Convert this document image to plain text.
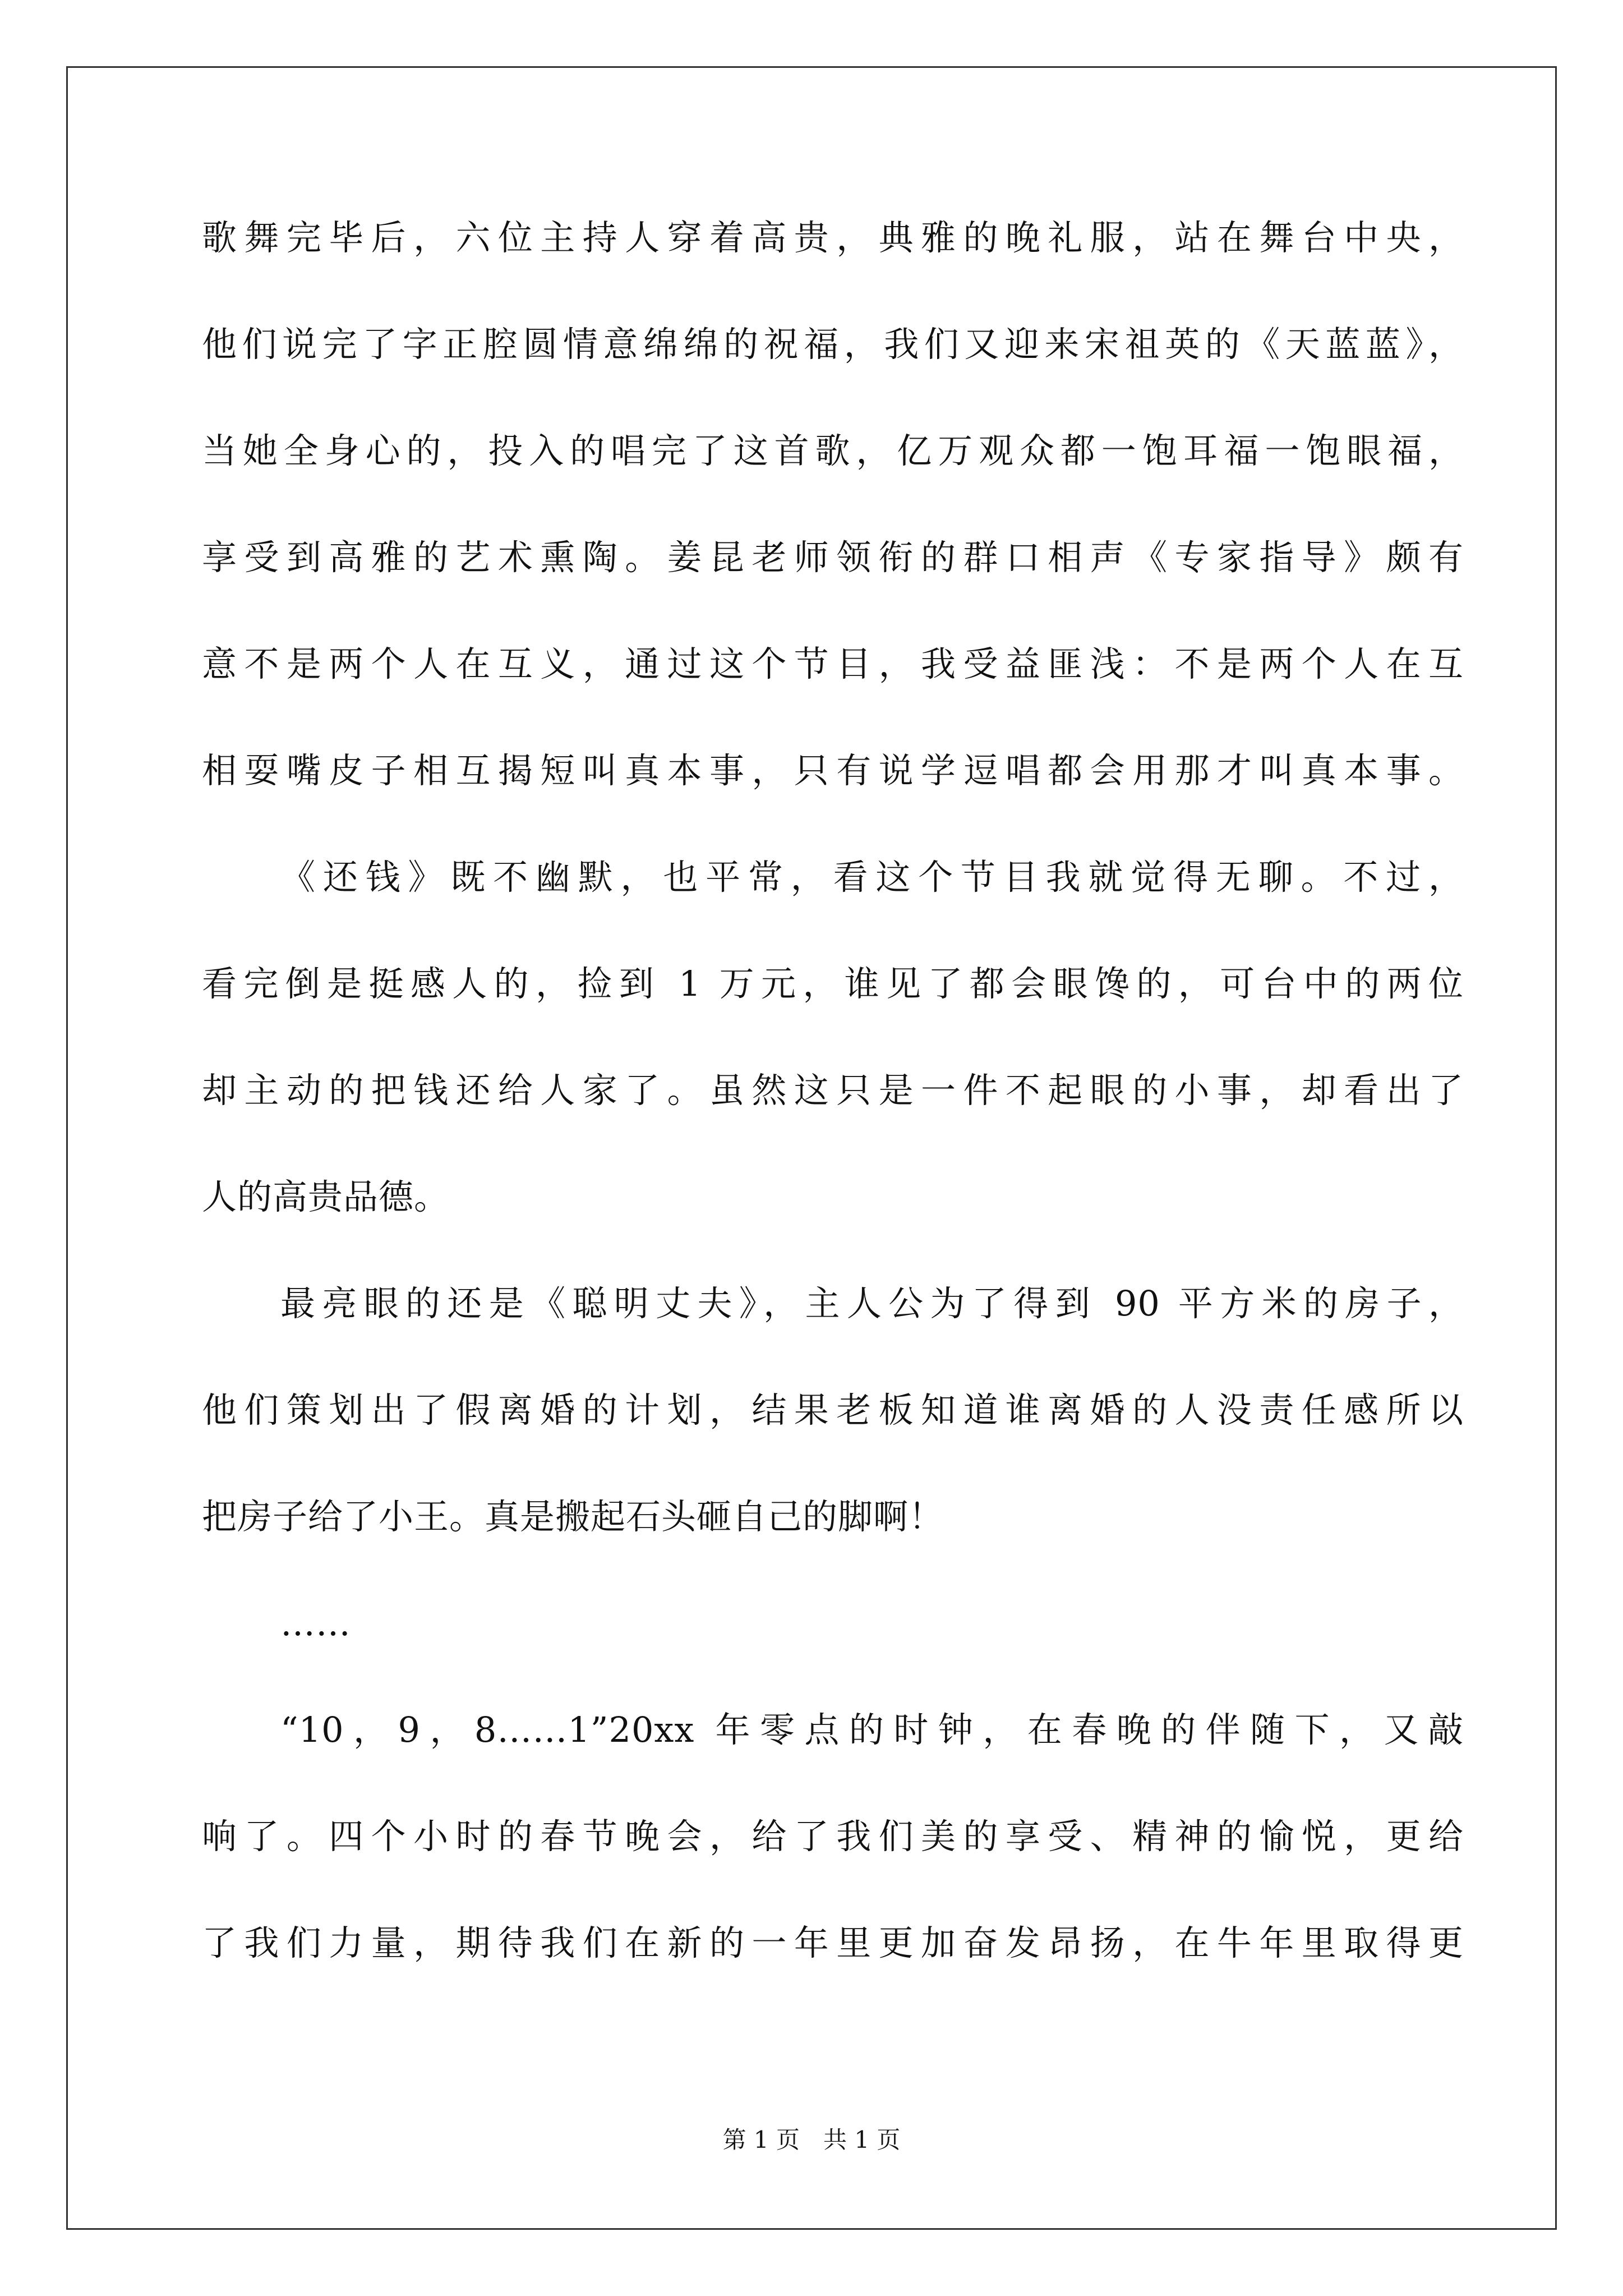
歌舞完毕后，六位主持人穿着高贵，典雅的晚礼服，站在舞台中央，
他们说完了字正腔圆情意绵绵的祝福，我们又迎来宋祖英的《天蓝蓝》，
当她全身心的，投入的唱完了这首歌，亿万观众都一饱耳福一饱眼福，
享受到高雅的艺术熏陶。姜昆老师领衔的群口相声《专家指导》颇有
意不是两个人在互义，通过这个节目，我受益匪浅：不是两个人在互
相耍嘴皮子相互揭短叫真本事，只有说学逗唱都会用那才叫真本事。
《还钱》既不幽默，也平常，看这个节目我就觉得无聊。不过，
看完倒是挺感人的，捡到 1 万元，谁见了都会眼馋的，可台中的两位
却主动的把钱还给人家了。虽然这只是一件不起眼的小事，却看出了
人的高贵品德。
最亮眼的还是《聪明丈夫》，主人公为了得到 90 平方米的房子，
他们策划出了假离婚的计划，结果老板知道谁离婚的人没责任感所以
把房子给了小王。真是搬起石头砸自己的脚啊！
……
“10，9，8……1”20xx 年零点的时钟，在春晚的伴随下，又敲
响了。四个小时的春节晚会，给了我们美的享受、精神的愉悦，更给
了我们力量，期待我们在新的一年里更加奋发昂扬，在牛年里取得更
第 1 页　共 1 页
